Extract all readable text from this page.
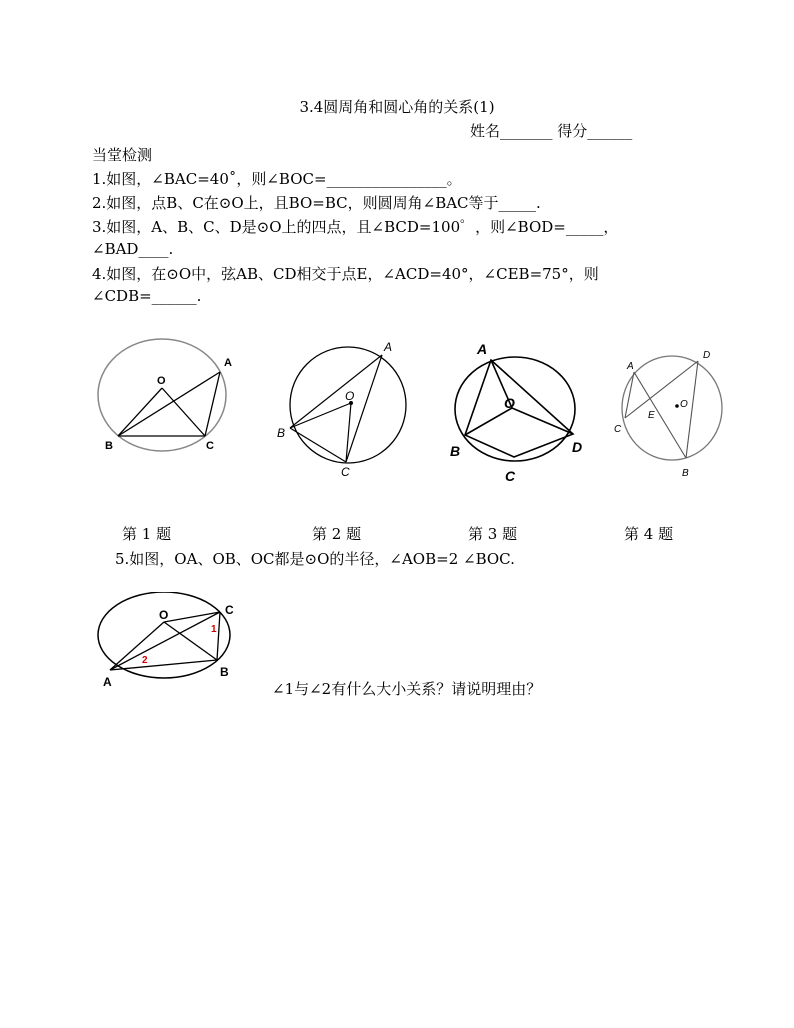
3.4圆周角和圆心角的关系(1)
姓名_______ 得分______
当堂检测
1.如图，∠BAC=40˚，则∠BOC=________________。
2.如图，点B、C在⊙O上，且BO=BC，则圆周角∠BAC等于_____.
3.如图，A、B、C、D是⊙O上的四点，且∠BCD=100゜，则∠BOD=_____，
∠BAD____.
4.如图，在⊙O中，弦AB、CD相交于点E，∠ACD=40°，∠CEB=75°，则
∠CDB=______.
O
A
B	C
A
O
B
C
A
O
B
C
D
A
D
E
O
C
B
第 1 题	第 2 题	第 3 题	第 4 题
5.如图，OA、OB、OC都是⊙O的半径，∠AOB=2 ∠BOC.
O	C
1
2
A
B
∠1与∠2有什么大小关系？请说明理由？
